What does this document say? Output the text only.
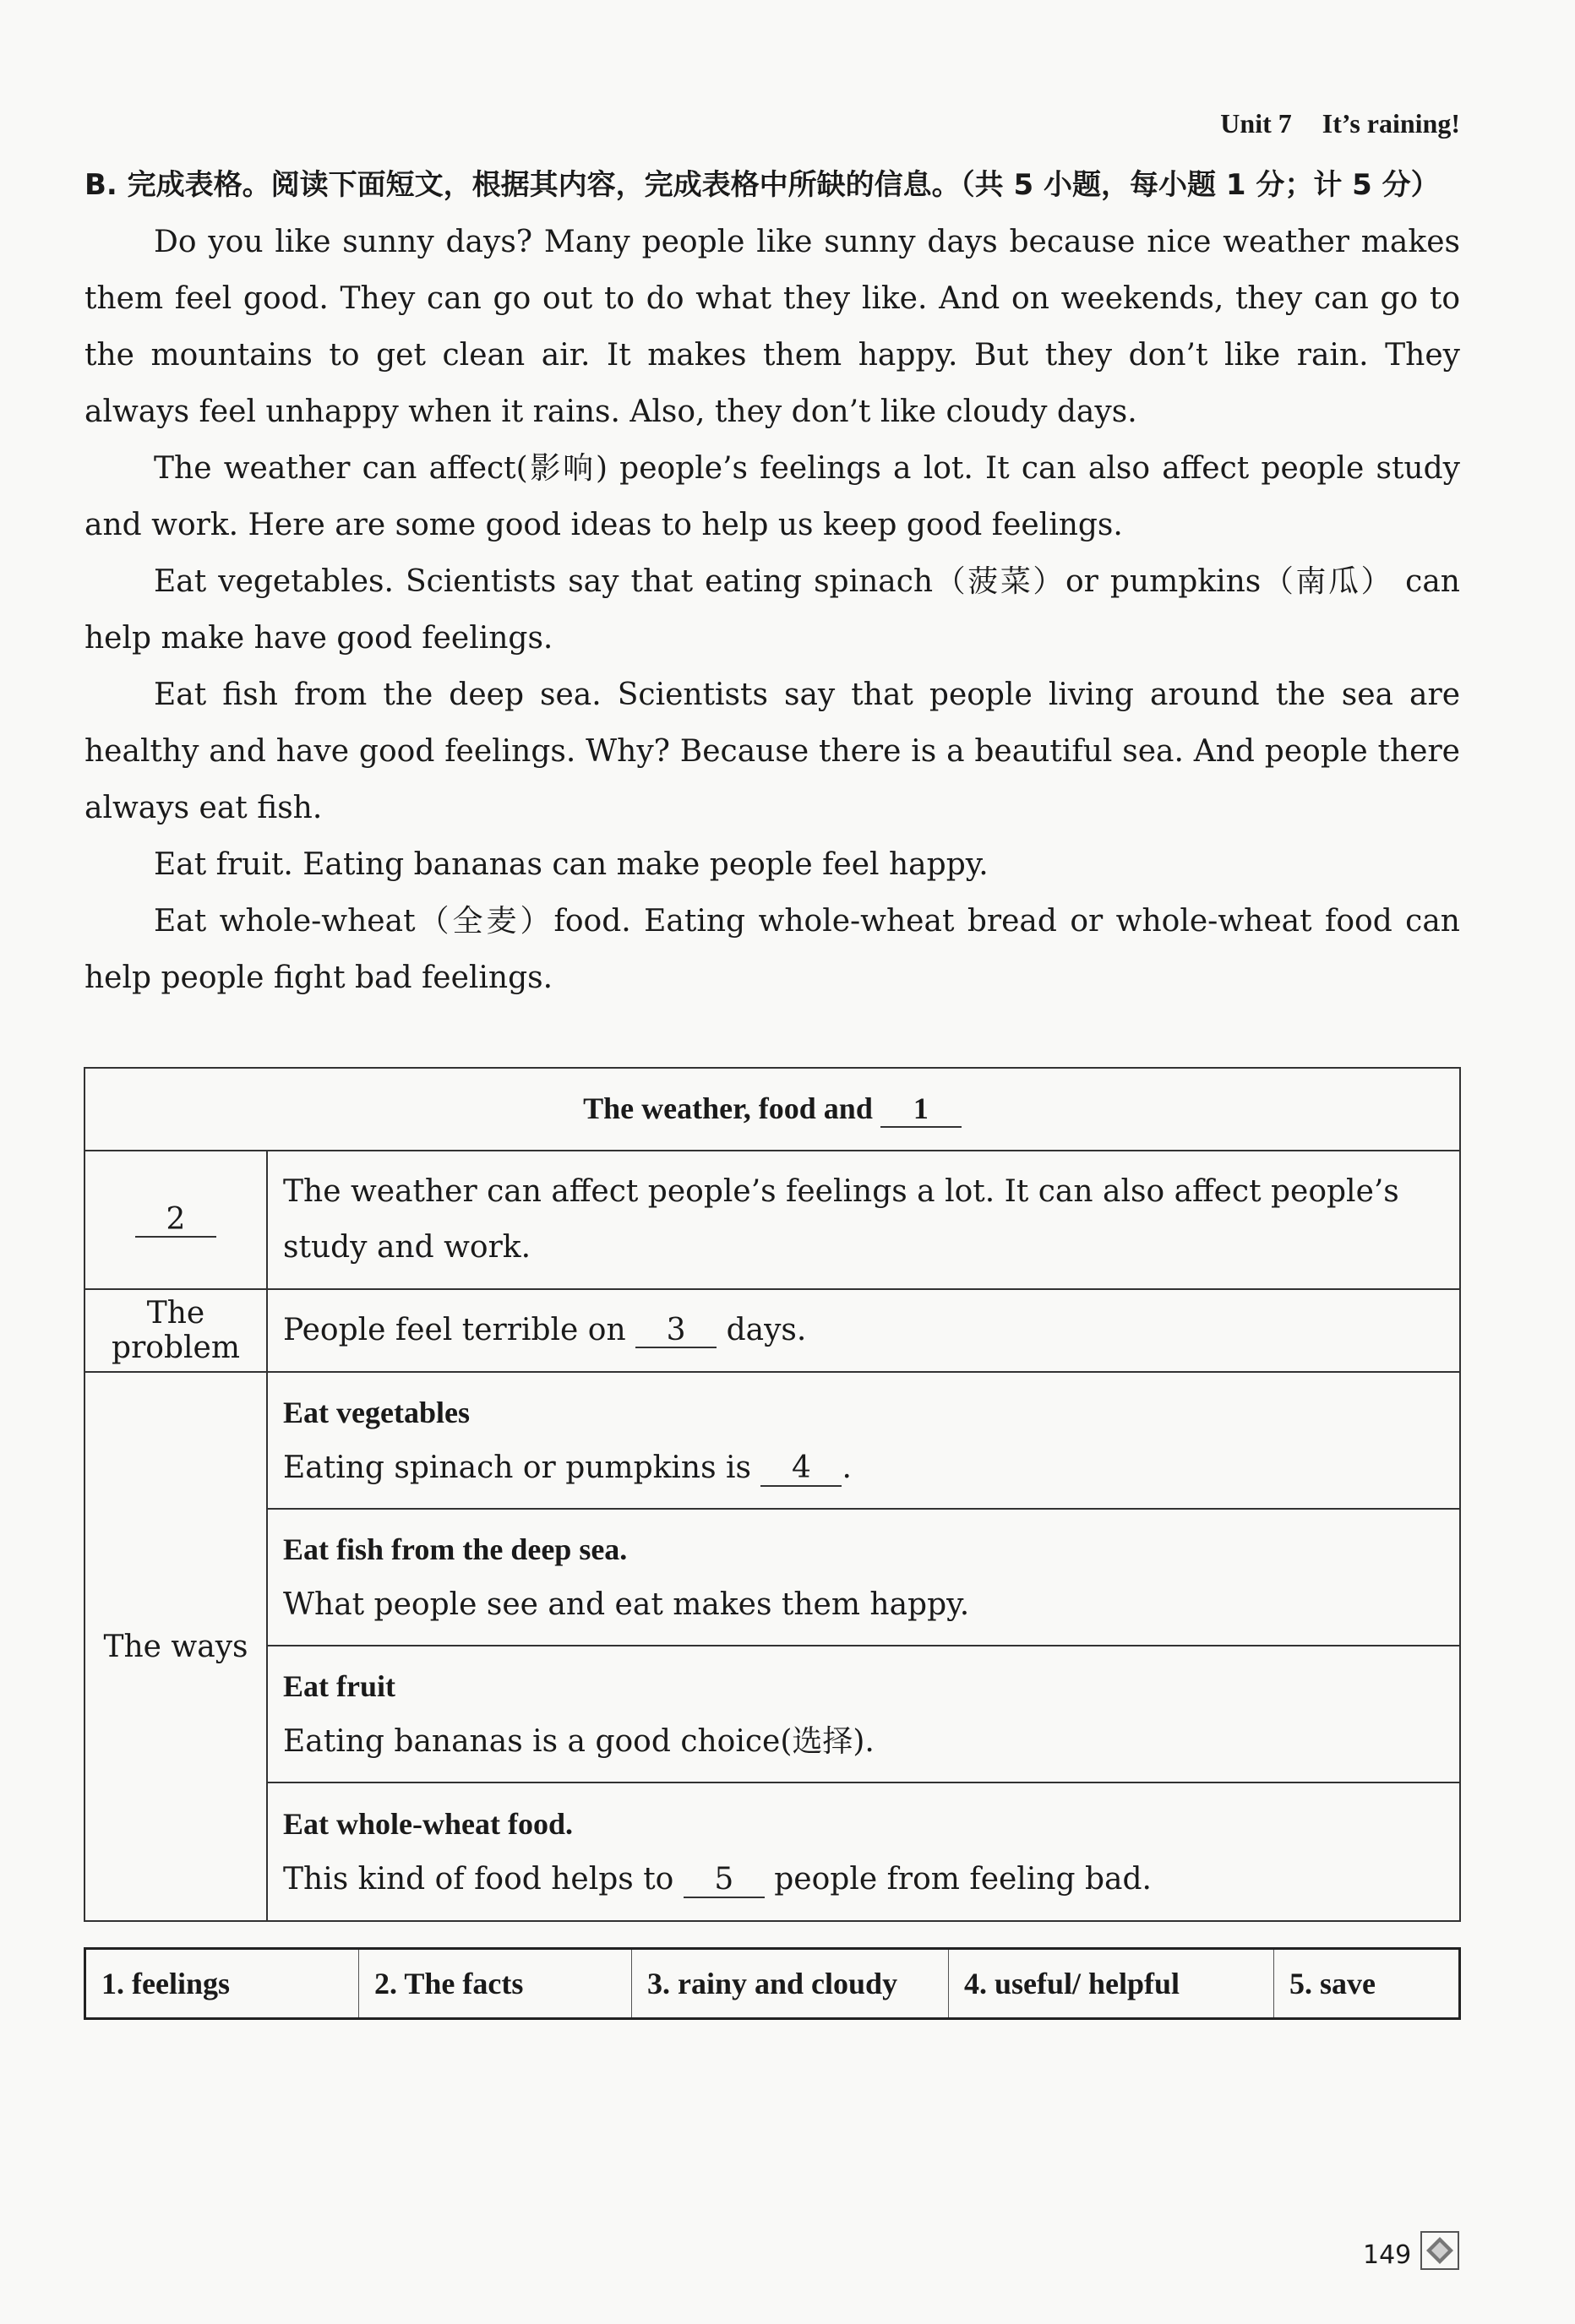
Unit 7 It’s raining!

B. 完成表格。阅读下面短文，根据其内容，完成表格中所缺的信息。（共 5 小题，每小题 1 分；计 5 分）

Do you like sunny days? Many people like sunny days because nice weather makes them feel good. They can go out to do what they like. And on weekends, they can go to the mountains to get clean air. It makes them happy. But they don’t like rain. They always feel unhappy when it rains. Also, they don’t like cloudy days.

The weather can affect(影响) people’s feelings a lot. It can also affect people study and work. Here are some good ideas to help us keep good feelings.

Eat vegetables. Scientists say that eating spinach（菠菜）or pumpkins（南瓜） can help make have good feelings.

Eat fish from the deep sea. Scientists say that people living around the sea are healthy and have good feelings. Why? Because there is a beautiful sea. And people there always eat fish.

Eat fruit. Eating bananas can make people feel happy.

Eat whole-wheat（全麦）food. Eating whole-wheat bread or whole-wheat food can help people fight bad feelings.

The weather, food and 1	
2	The weather can affect people’s feelings a lot. It can also affect people’s study and work.
The problem	People feel terrible on 3 days.
The ways	Eat vegetables

Eating spinach or pumpkins is 4 .

	Eat fish from the deep sea.

What people see and eat makes them happy.

	Eat fruit

Eating bananas is a good choice(选择).

	Eat whole-wheat food.

This kind of food helps to 5 people from feeling bad.

1. feelings	2. The facts	3. rainy and cloudy	4. useful/ helpful	5. save
149
